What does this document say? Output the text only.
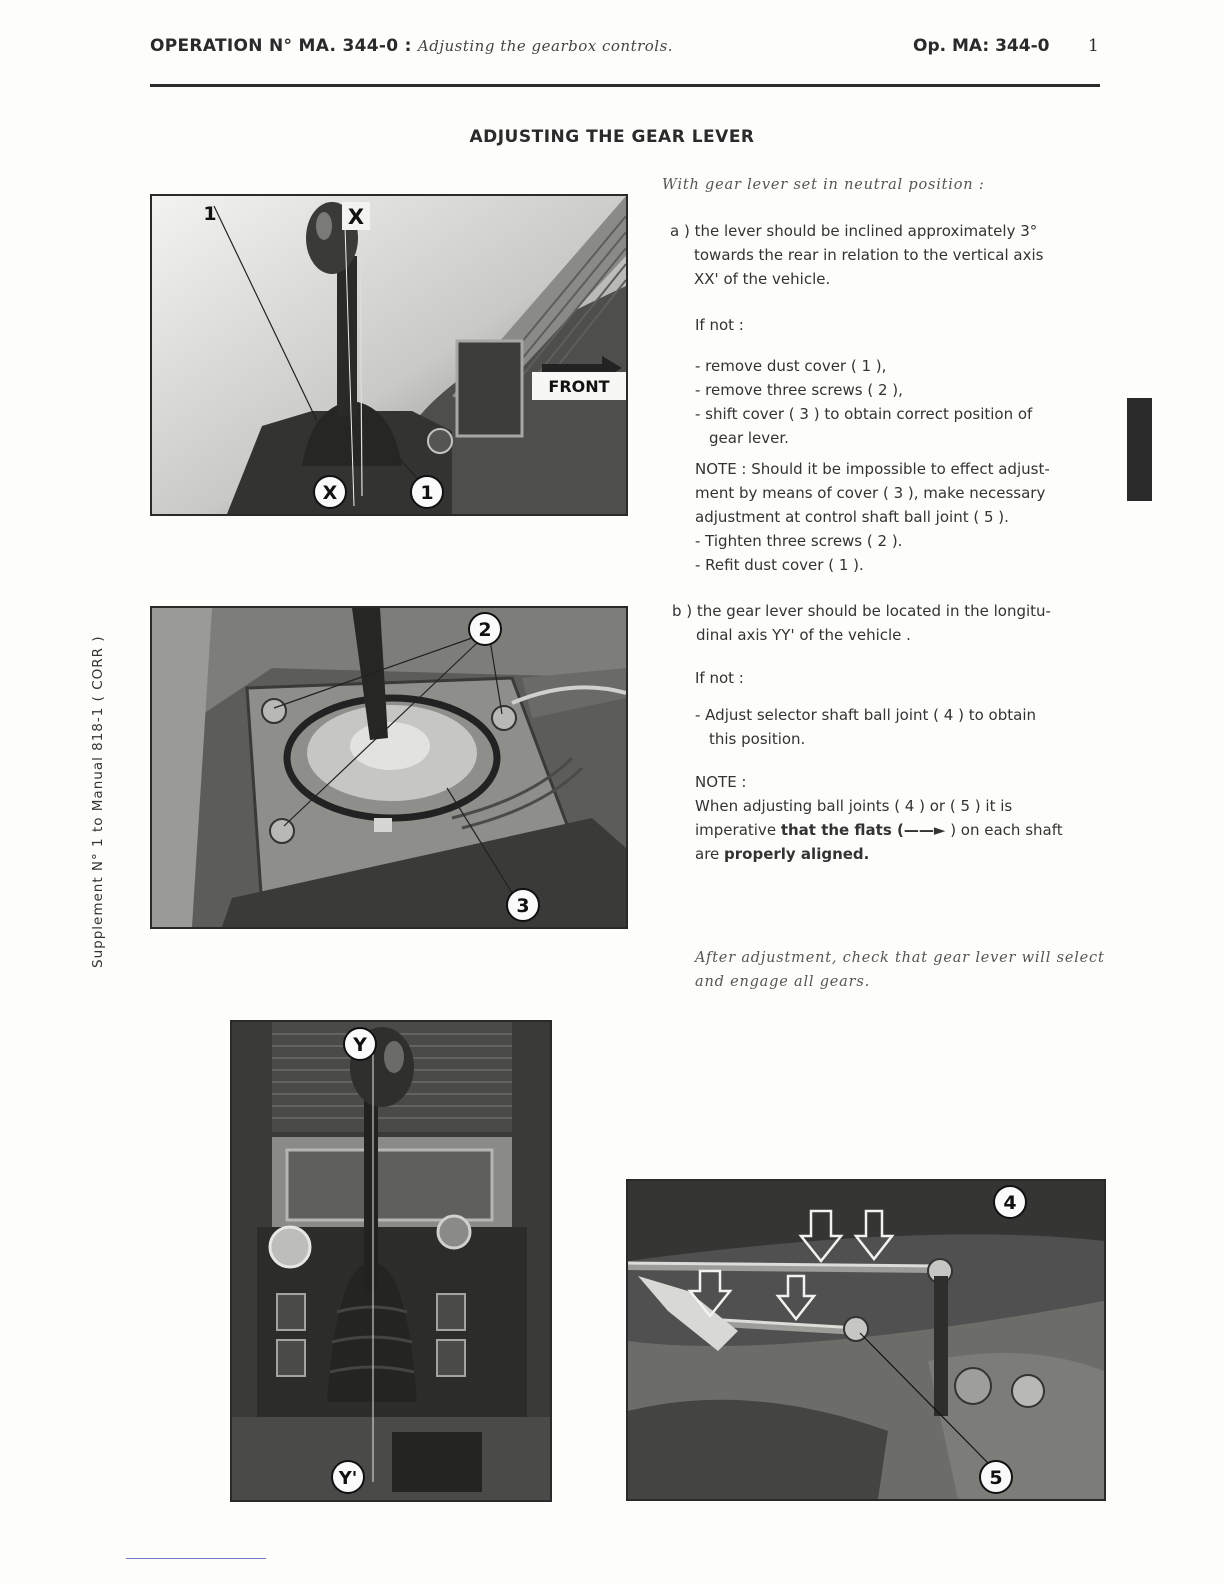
OPERATION N° MA. 344-0 : Adjusting the gearbox controls.	Op. MA: 344-0 1
ADJUSTING THE GEAR LEVER
Supplement N° 1 to Manual 818-1 ( CORR )
With gear lever set in neutral position :

a ) the lever should be inclined approximately 3°

towards the rear in relation to the vertical axis

XX' of the vehicle.

If not :

- remove dust cover ( 1 ),

- remove three screws ( 2 ),

- shift cover ( 3 ) to obtain correct position of

gear lever.

NOTE : Should it be impossible to effect adjust-

ment by means of cover ( 3 ), make necessary

adjustment at control shaft ball joint ( 5 ).

- Tighten three screws ( 2 ).

- Refit dust cover ( 1 ).

b ) the gear lever should be located in the longitu-

dinal axis YY' of the vehicle .

If not :

- Adjust selector shaft ball joint ( 4 ) to obtain

this position.

NOTE :

When adjusting ball joints ( 4 ) or ( 5 ) it is

imperative that the flats (——► ) on each shaft

are properly aligned.

After adjustment, check that gear lever will select
and engage all gears.
FRONT
1	X
X	1
2
3
Y
Y'
4
5
